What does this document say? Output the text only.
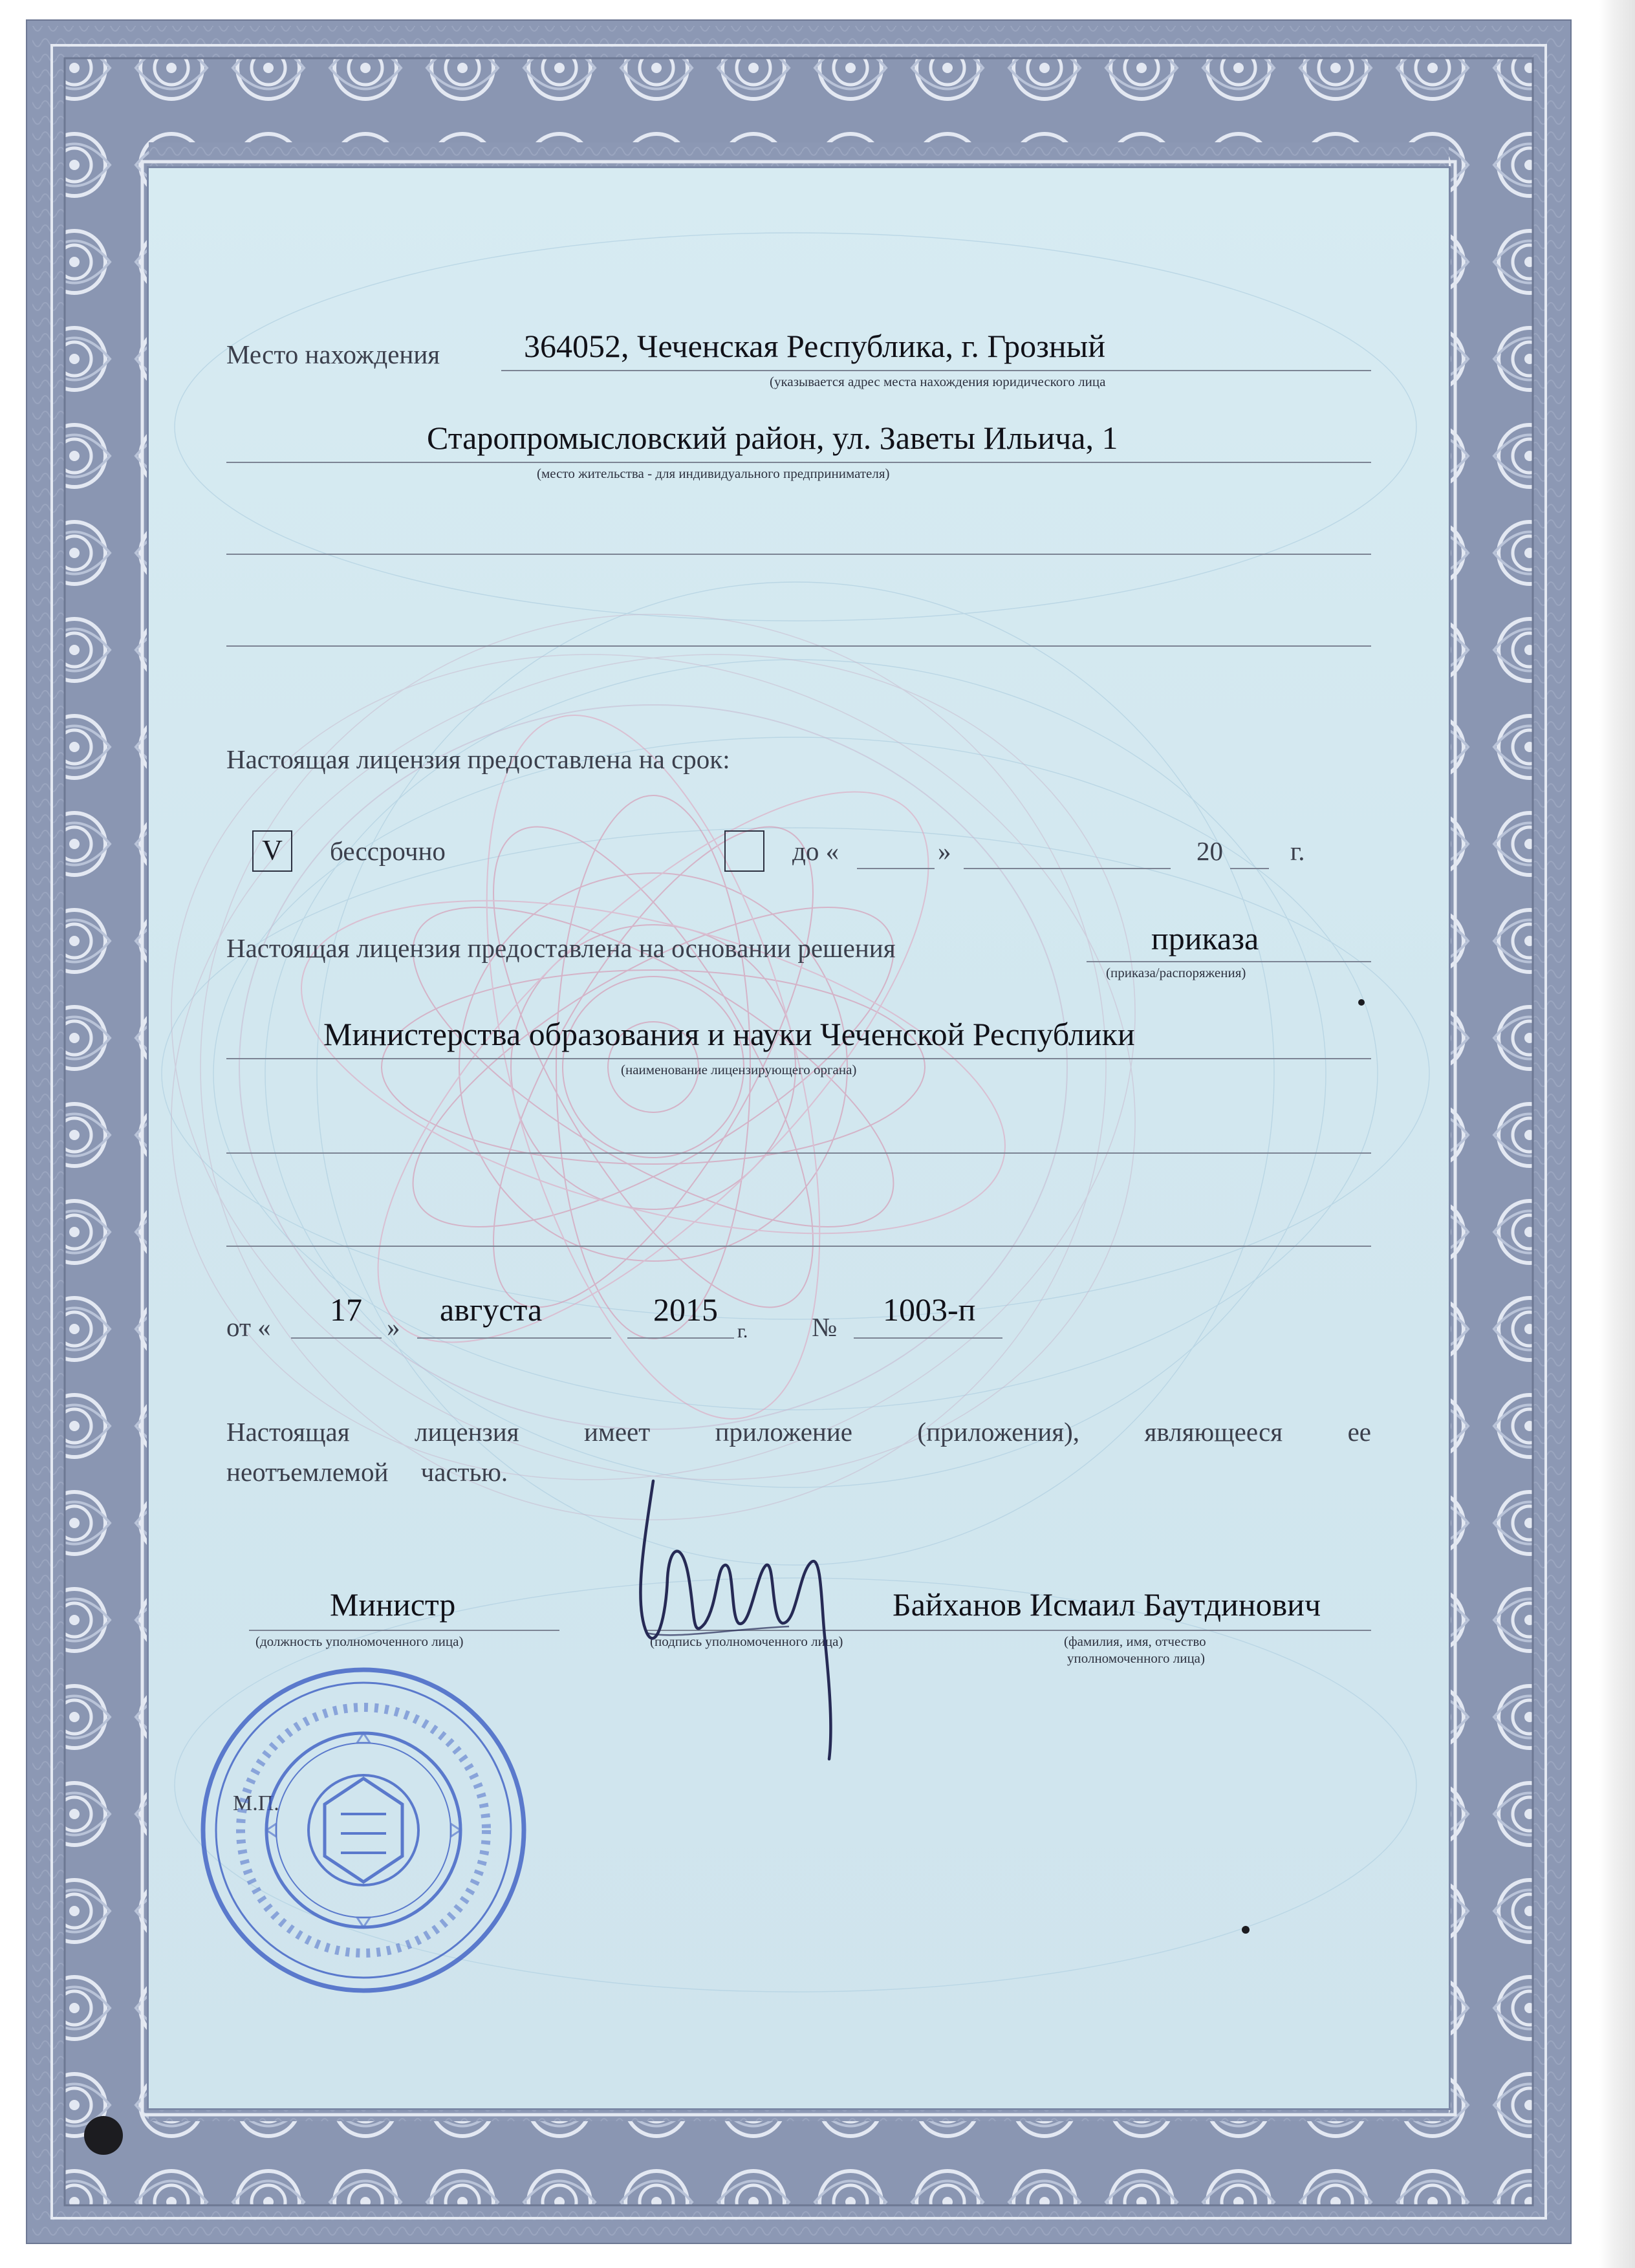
Место нахождения	364052, Чеченская Республика, г. Грозный
(указывается адрес места нахождения юридического лица
Старопромысловский район, ул. Заветы Ильича, 1
(место жительства - для индивидуального предпринимателя)
Настоящая лицензия предоставлена на срок:
V	бессрочно	до «	»	20	г.
Настоящая лицензия предоставлена на основании решения	приказа
(приказа/распоряжения)
Министерства образования и науки Чеченской Республики
(наименование лицензирующего органа)
от « 17 » августа	2015
г. № 1003-п
Настоящая лицензия имеет приложение (приложения), являющееся ее
неотъемлемой частью.
Министр
(должность уполномоченного лица)	(подпись уполномоченного лица)
Байханов Исмаил Баутдинович
(фамилия, имя, отчество
уполномоченного лица)
М.П.
